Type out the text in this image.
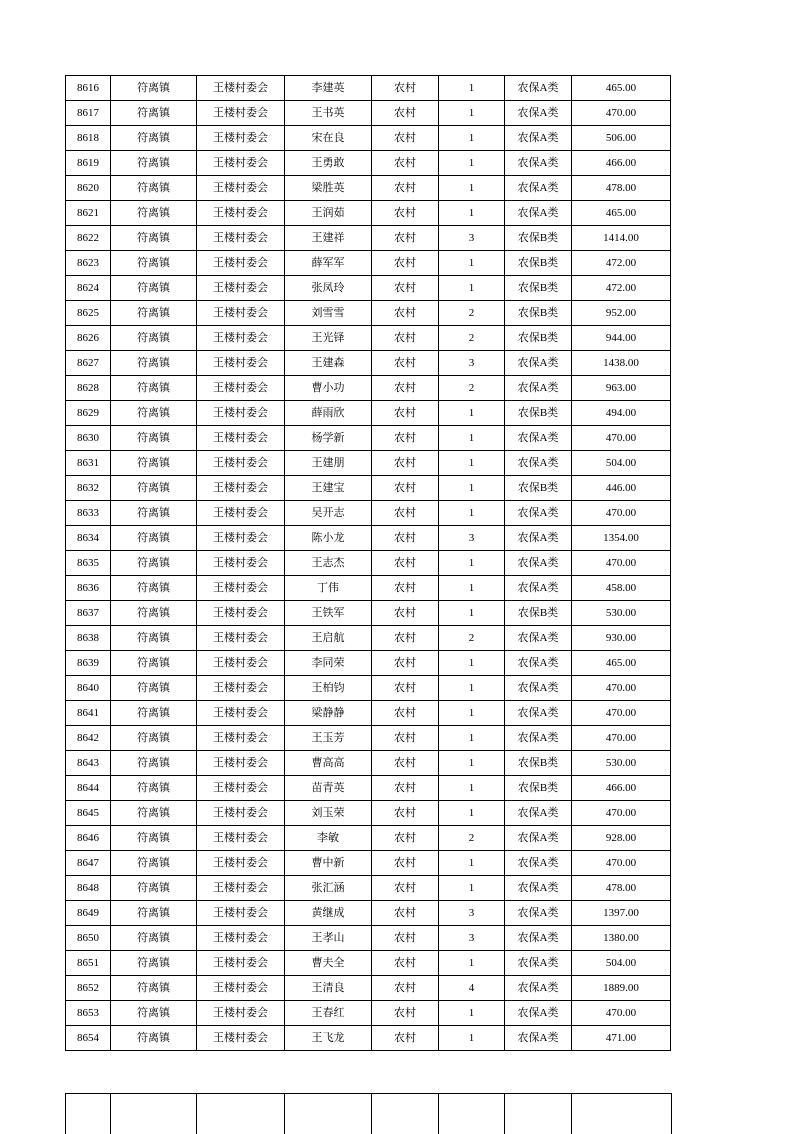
8616	符离镇	王楼村委会	李建英	农村	1	农保A类	465.00
8617	符离镇	王楼村委会	王书英	农村	1	农保A类	470.00
8618	符离镇	王楼村委会	宋在良	农村	1	农保A类	506.00
8619	符离镇	王楼村委会	王勇敢	农村	1	农保A类	466.00
8620	符离镇	王楼村委会	梁胜英	农村	1	农保A类	478.00
8621	符离镇	王楼村委会	王润茹	农村	1	农保A类	465.00
8622	符离镇	王楼村委会	王建祥	农村	3	农保B类	1414.00
8623	符离镇	王楼村委会	薛军军	农村	1	农保B类	472.00
8624	符离镇	王楼村委会	张凤玲	农村	1	农保B类	472.00
8625	符离镇	王楼村委会	刘雪雪	农村	2	农保B类	952.00
8626	符离镇	王楼村委会	王光铎	农村	2	农保B类	944.00
8627	符离镇	王楼村委会	王建森	农村	3	农保A类	1438.00
8628	符离镇	王楼村委会	曹小功	农村	2	农保A类	963.00
8629	符离镇	王楼村委会	薛雨欣	农村	1	农保B类	494.00
8630	符离镇	王楼村委会	杨学新	农村	1	农保A类	470.00
8631	符离镇	王楼村委会	王建朋	农村	1	农保A类	504.00
8632	符离镇	王楼村委会	王建宝	农村	1	农保B类	446.00
8633	符离镇	王楼村委会	吴开志	农村	1	农保A类	470.00
8634	符离镇	王楼村委会	陈小龙	农村	3	农保A类	1354.00
8635	符离镇	王楼村委会	王志杰	农村	1	农保A类	470.00
8636	符离镇	王楼村委会	丁伟	农村	1	农保A类	458.00
8637	符离镇	王楼村委会	王铁军	农村	1	农保B类	530.00
8638	符离镇	王楼村委会	王启航	农村	2	农保A类	930.00
8639	符离镇	王楼村委会	李同荣	农村	1	农保A类	465.00
8640	符离镇	王楼村委会	王柏钧	农村	1	农保A类	470.00
8641	符离镇	王楼村委会	梁静静	农村	1	农保A类	470.00
8642	符离镇	王楼村委会	王玉芳	农村	1	农保A类	470.00
8643	符离镇	王楼村委会	曹高高	农村	1	农保B类	530.00
8644	符离镇	王楼村委会	苗青英	农村	1	农保B类	466.00
8645	符离镇	王楼村委会	刘玉荣	农村	1	农保A类	470.00
8646	符离镇	王楼村委会	李敏	农村	2	农保A类	928.00
8647	符离镇	王楼村委会	曹中新	农村	1	农保A类	470.00
8648	符离镇	王楼村委会	张汇涵	农村	1	农保A类	478.00
8649	符离镇	王楼村委会	黄继成	农村	3	农保A类	1397.00
8650	符离镇	王楼村委会	王孝山	农村	3	农保A类	1380.00
8651	符离镇	王楼村委会	曹夫全	农村	1	农保A类	504.00
8652	符离镇	王楼村委会	王清良	农村	4	农保A类	1889.00
8653	符离镇	王楼村委会	王春红	农村	1	农保A类	470.00
8654	符离镇	王楼村委会	王飞龙	农村	1	农保A类	471.00
